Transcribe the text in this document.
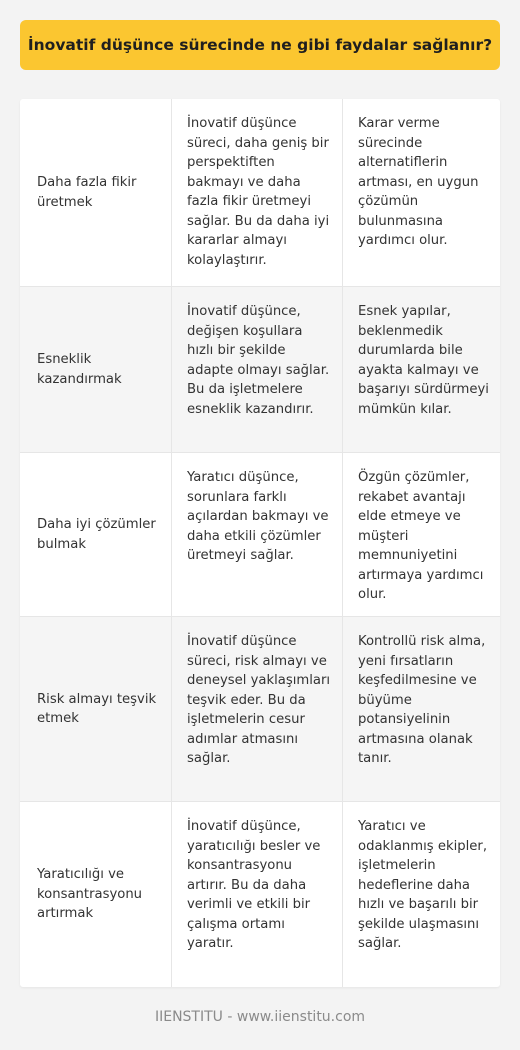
İnovatif düşünce sürecinde ne gibi faydalar sağlanır?
Daha fazla fikir üretmek
İnovatif düşünce süreci, daha geniş bir perspektiften bakmayı ve daha fazla fikir üretmeyi sağlar. Bu da daha iyi kararlar almayı kolaylaştırır.
Karar verme sürecinde alternatiflerin artması, en uygun çözümün bulunmasına yardımcı olur.
Esneklik kazandırmak
İnovatif düşünce, değişen koşullara hızlı bir şekilde adapte olmayı sağlar. Bu da işletmelere esneklik kazandırır.
Esnek yapılar, beklenmedik durumlarda bile ayakta kalmayı ve başarıyı sürdürmeyi mümkün kılar.
Daha iyi çözümler bulmak
Yaratıcı düşünce, sorunlara farklı açılardan bakmayı ve daha etkili çözümler üretmeyi sağlar.
Özgün çözümler, rekabet avantajı elde etmeye ve müşteri memnuniyetini artırmaya yardımcı olur.
Risk almayı teşvik etmek
İnovatif düşünce süreci, risk almayı ve deneysel yaklaşımları teşvik eder. Bu da işletmelerin cesur adımlar atmasını sağlar.
Kontrollü risk alma, yeni fırsatların keşfedilmesine ve büyüme potansiyelinin artmasına olanak tanır.
Yaratıcılığı ve konsantrasyonu artırmak
İnovatif düşünce, yaratıcılığı besler ve konsantrasyonu artırır. Bu da daha verimli ve etkili bir çalışma ortamı yaratır.
Yaratıcı ve odaklanmış ekipler, işletmelerin hedeflerine daha hızlı ve başarılı bir şekilde ulaşmasını sağlar.
IIENSTITU - www.iienstitu.com
